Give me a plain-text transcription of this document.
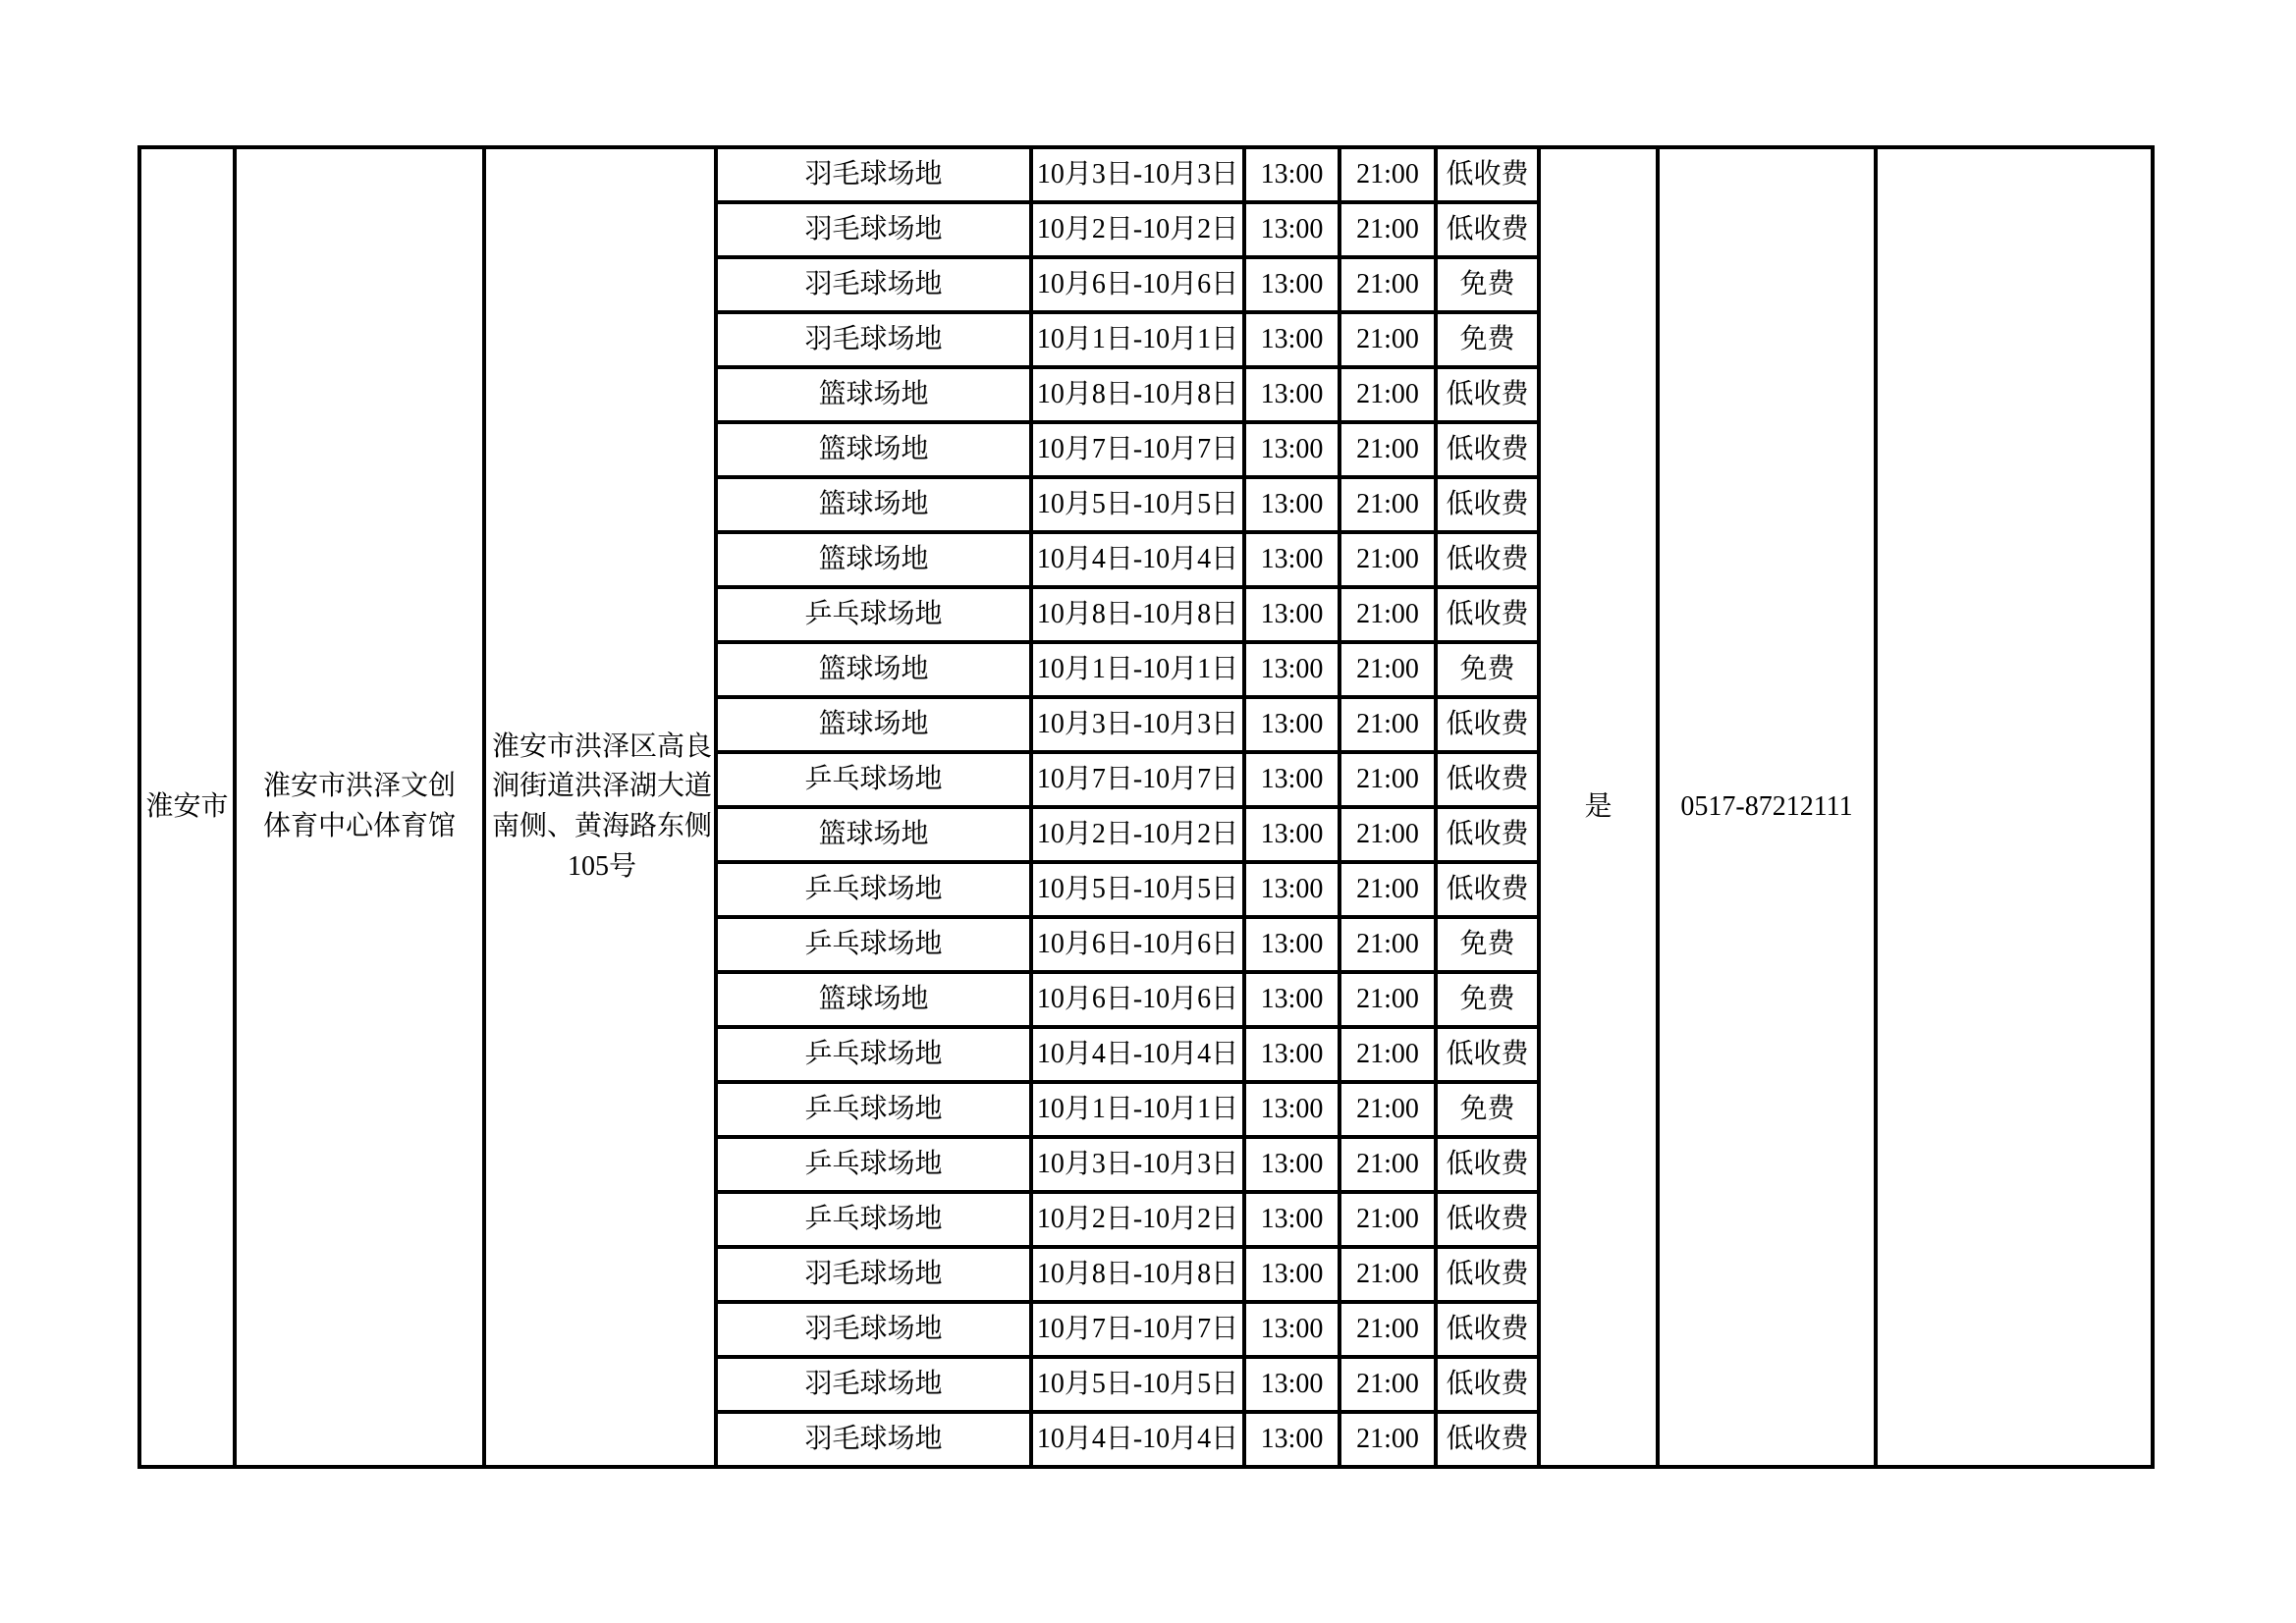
淮安市	淮安市洪泽文创体育中心体育馆	淮安市洪泽区高良涧街道洪泽湖大道南侧、黄海路东侧105号	羽毛球场地	10月3日-10月3日	13:00	21:00	低收费	是	0517-87212111	
			羽毛球场地	10月2日-10月2日	13:00	21:00	低收费			
			羽毛球场地	10月6日-10月6日	13:00	21:00	免费			
			羽毛球场地	10月1日-10月1日	13:00	21:00	免费			
			篮球场地	10月8日-10月8日	13:00	21:00	低收费			
			篮球场地	10月7日-10月7日	13:00	21:00	低收费			
			篮球场地	10月5日-10月5日	13:00	21:00	低收费			
			篮球场地	10月4日-10月4日	13:00	21:00	低收费			
			乒乓球场地	10月8日-10月8日	13:00	21:00	低收费			
			篮球场地	10月1日-10月1日	13:00	21:00	免费			
			篮球场地	10月3日-10月3日	13:00	21:00	低收费			
			乒乓球场地	10月7日-10月7日	13:00	21:00	低收费			
			篮球场地	10月2日-10月2日	13:00	21:00	低收费			
			乒乓球场地	10月5日-10月5日	13:00	21:00	低收费			
			乒乓球场地	10月6日-10月6日	13:00	21:00	免费			
			篮球场地	10月6日-10月6日	13:00	21:00	免费			
			乒乓球场地	10月4日-10月4日	13:00	21:00	低收费			
			乒乓球场地	10月1日-10月1日	13:00	21:00	免费			
			乒乓球场地	10月3日-10月3日	13:00	21:00	低收费			
			乒乓球场地	10月2日-10月2日	13:00	21:00	低收费			
			羽毛球场地	10月8日-10月8日	13:00	21:00	低收费			
			羽毛球场地	10月7日-10月7日	13:00	21:00	低收费			
			羽毛球场地	10月5日-10月5日	13:00	21:00	低收费			
			羽毛球场地	10月4日-10月4日	13:00	21:00	低收费			
